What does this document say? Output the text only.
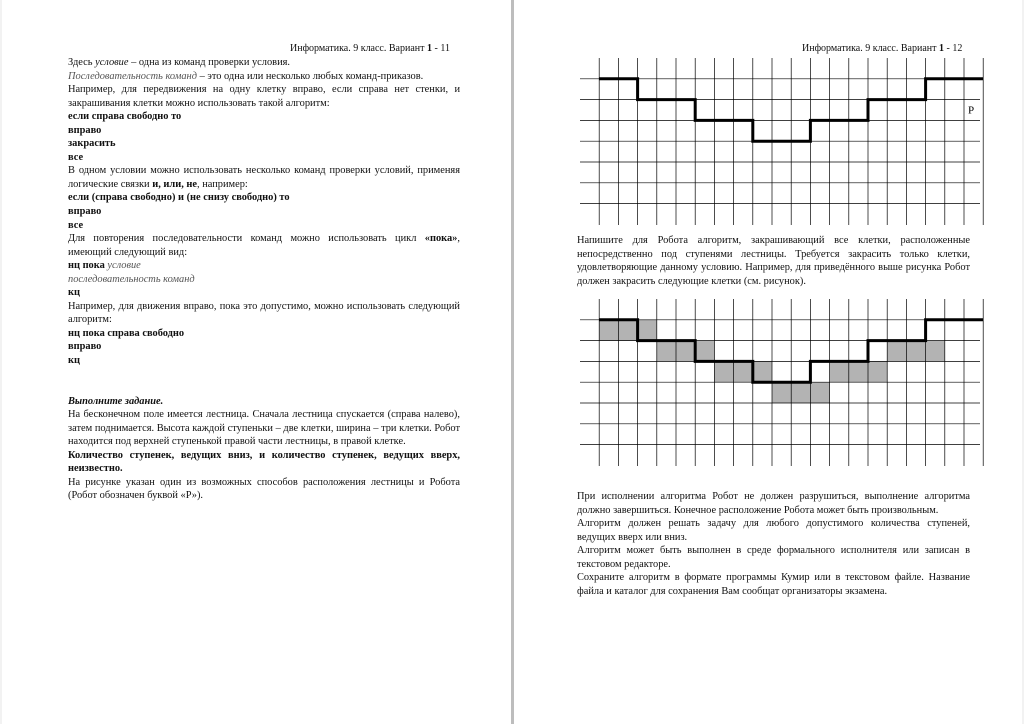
Информатика. 9 класс. Вариант 1 - 11

Здесь условие – одна из команд проверки условия.

Последовательность команд – это одна или несколько любых команд-приказов.

Например, для передвижения на одну клетку вправо, если справа нет стенки, и закрашивания клетки можно использовать такой алгоритм:

если справа свободно то

вправо

закрасить

все

В одном условии можно использовать несколько команд проверки условий, применяя логические связки и, или, не, например:

если (справа свободно) и (не снизу свободно) то

вправо

все

Для повторения последовательности команд можно использовать цикл «пока», имеющий следующий вид:

нц пока условие

последовательность команд

кц

Например, для движения вправо, пока это допустимо, можно использовать следующий алгоритм:

нц пока справа свободно

вправо

кц

Выполните задание.

На бесконечном поле имеется лестница. Сначала лестница спускается (справа налево), затем поднимается. Высота каждой ступеньки – две клетки, ширина – три клетки. Робот находится под верхней ступенькой правой части лестницы, в правой клетке.

Количество ступенек, ведущих вниз, и количество ступенек, ведущих вверх, неизвестно.

На рисунке указан один из возможных способов расположения лестницы и Робота (Робот обозначен буквой «Р»).

Информатика. 9 класс. Вариант 1 - 12
Р

Напишите для Робота алгоритм, закрашивающий все клетки, расположенные непосредственно под ступенями лестницы. Требуется закрасить только клетки, удовлетворяющие данному условию. Например, для приведённого выше рисунка Робот должен закрасить следующие клетки (см. рисунок).

При исполнении алгоритма Робот не должен разрушиться, выполнение алгоритма должно завершиться. Конечное расположение Робота может быть произвольным.

Алгоритм должен решать задачу для любого допустимого количества ступеней, ведущих вверх или вниз.

Алгоритм может быть выполнен в среде формального исполнителя или записан в текстовом редакторе.

Сохраните алгоритм в формате программы Кумир или в текстовом файле. Название файла и каталог для сохранения Вам сообщат организаторы экзамена.
